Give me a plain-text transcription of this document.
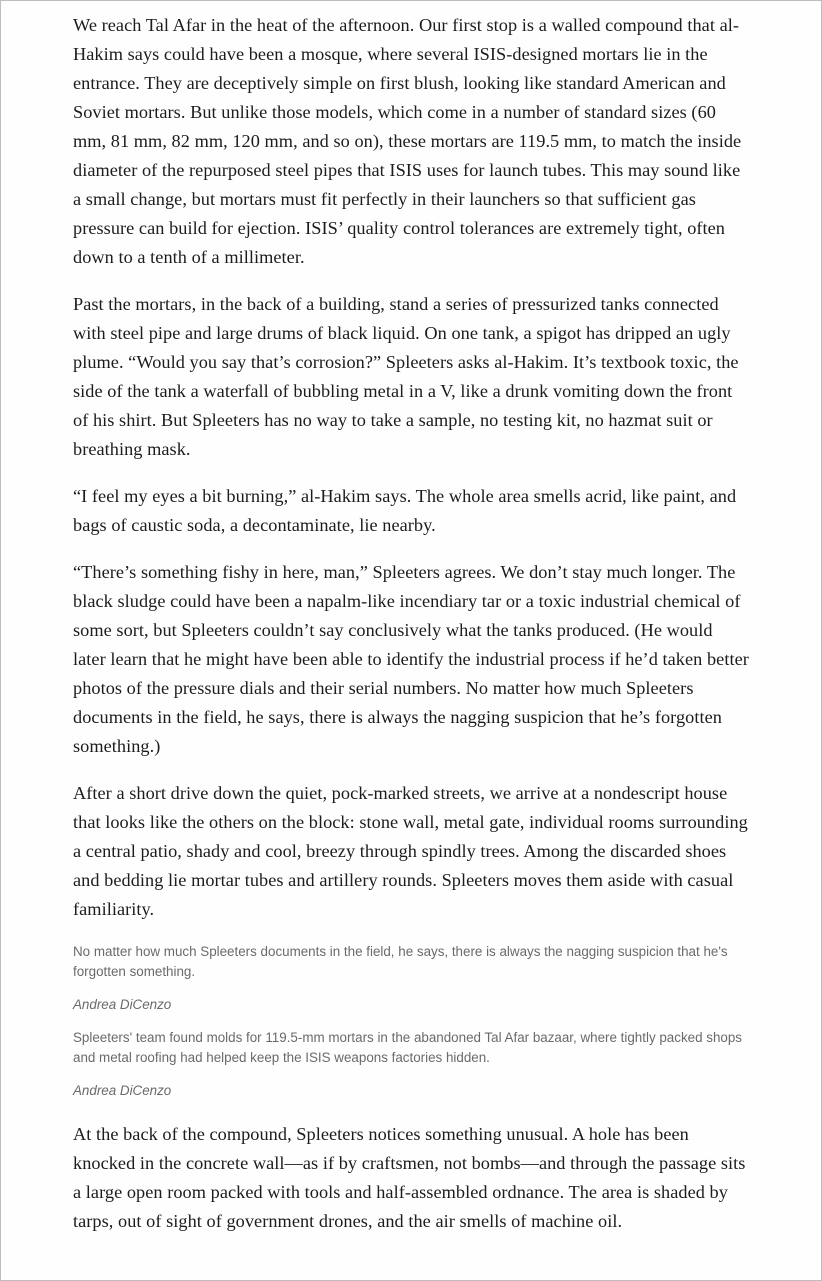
We reach Tal Afar in the heat of the afternoon. Our first stop is a walled compound that al-Hakim says could have been a mosque, where several ISIS-designed mortars lie in the entrance. They are deceptively simple on first blush, looking like standard American and Soviet mortars. But unlike those models, which come in a number of standard sizes (60 mm, 81 mm, 82 mm, 120 mm, and so on), these mortars are 119.5 mm, to match the inside diameter of the repurposed steel pipes that ISIS uses for launch tubes. This may sound like a small change, but mortars must fit perfectly in their launchers so that sufficient gas pressure can build for ejection. ISIS’ quality control tolerances are extremely tight, often down to a tenth of a millimeter.

Past the mortars, in the back of a building, stand a series of pressurized tanks connected with steel pipe and large drums of black liquid. On one tank, a spigot has dripped an ugly plume. “Would you say that’s corrosion?” Spleeters asks al-Hakim. It’s textbook toxic, the side of the tank a waterfall of bubbling metal in a V, like a drunk vomiting down the front of his shirt. But Spleeters has no way to take a sample, no testing kit, no hazmat suit or breathing mask.

“I feel my eyes a bit burning,” al-Hakim says. The whole area smells acrid, like paint, and bags of caustic soda, a decontaminate, lie nearby.

“There’s something fishy in here, man,” Spleeters agrees. We don’t stay much longer. The black sludge could have been a napalm-like incendiary tar or a toxic industrial chemical of some sort, but Spleeters couldn’t say conclusively what the tanks produced. (He would later learn that he might have been able to identify the industrial process if he’d taken better photos of the pressure dials and their serial numbers. No matter how much Spleeters documents in the field, he says, there is always the nagging suspicion that he’s forgotten something.)

After a short drive down the quiet, pock-marked streets, we arrive at a nondescript house that looks like the others on the block: stone wall, metal gate, individual rooms surrounding a central patio, shady and cool, breezy through spindly trees. Among the discarded shoes and bedding lie mortar tubes and artillery rounds. Spleeters moves them aside with casual familiarity.

No matter how much Spleeters documents in the field, he says, there is always the nagging suspicion that he's forgotten something.

Andrea DiCenzo

Spleeters' team found molds for 119.5-mm mortars in the abandoned Tal Afar bazaar, where tightly packed shops and metal roofing had helped keep the ISIS weapons factories hidden.

Andrea DiCenzo

At the back of the compound, Spleeters notices something unusual. A hole has been knocked in the concrete wall—as if by craftsmen, not bombs—and through the passage sits a large open room packed with tools and half-assembled ordnance. The area is shaded by tarps, out of sight of government drones, and the air smells of machine oil.
